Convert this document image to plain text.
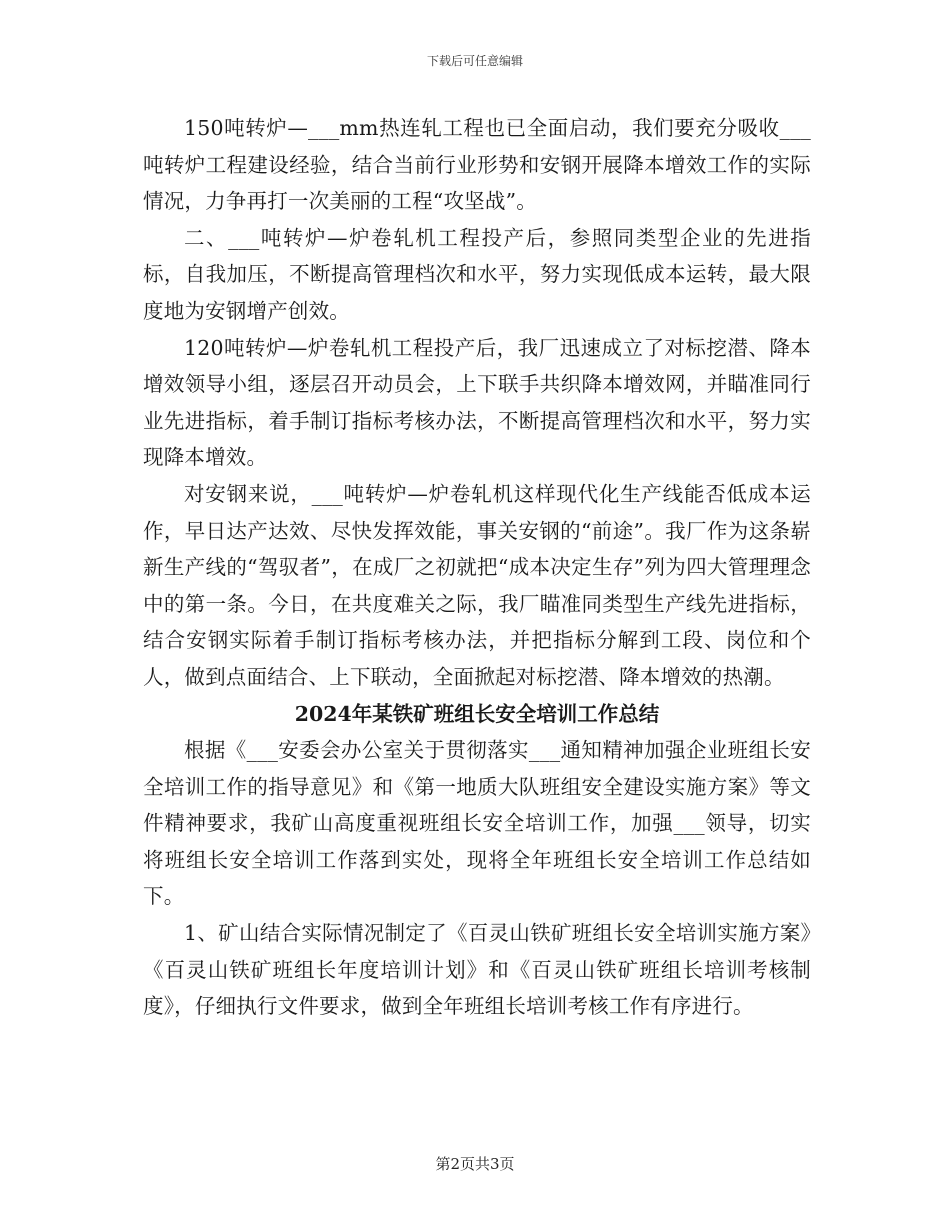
下载后可任意编辑

150吨转炉—___mm热连轧工程也已全面启动，我们要充分吸收___吨转炉工程建设经验，结合当前行业形势和安钢开展降本增效工作的实际情况，力争再打一次美丽的工程“攻坚战”。

二、___吨转炉—炉卷轧机工程投产后，参照同类型企业的先进指标，自我加压，不断提高管理档次和水平，努力实现低成本运转，最大限度地为安钢增产创效。

120吨转炉—炉卷轧机工程投产后，我厂迅速成立了对标挖潜、降本增效领导小组，逐层召开动员会，上下联手共织降本增效网，并瞄准同行业先进指标，着手制订指标考核办法，不断提高管理档次和水平，努力实现降本增效。

对安钢来说，___吨转炉—炉卷轧机这样现代化生产线能否低成本运作，早日达产达效、尽快发挥效能，事关安钢的“前途”。我厂作为这条崭新生产线的“驾驭者”，在成厂之初就把“成本决定生存”列为四大管理理念中的第一条。今日，在共度难关之际，我厂瞄准同类型生产线先进指标，结合安钢实际着手制订指标考核办法，并把指标分解到工段、岗位和个人，做到点面结合、上下联动，全面掀起对标挖潜、降本增效的热潮。

2024年某铁矿班组长安全培训工作总结

根据《___安委会办公室关于贯彻落实___通知精神加强企业班组长安全培训工作的指导意见》和《第一地质大队班组安全建设实施方案》等文件精神要求，我矿山高度重视班组长安全培训工作，加强___领导，切实将班组长安全培训工作落到实处，现将全年班组长安全培训工作总结如下。

1、矿山结合实际情况制定了《百灵山铁矿班组长安全培训实施方案》《百灵山铁矿班组长年度培训计划》和《百灵山铁矿班组长培训考核制度》，仔细执行文件要求，做到全年班组长培训考核工作有序进行。

第2页共3页
